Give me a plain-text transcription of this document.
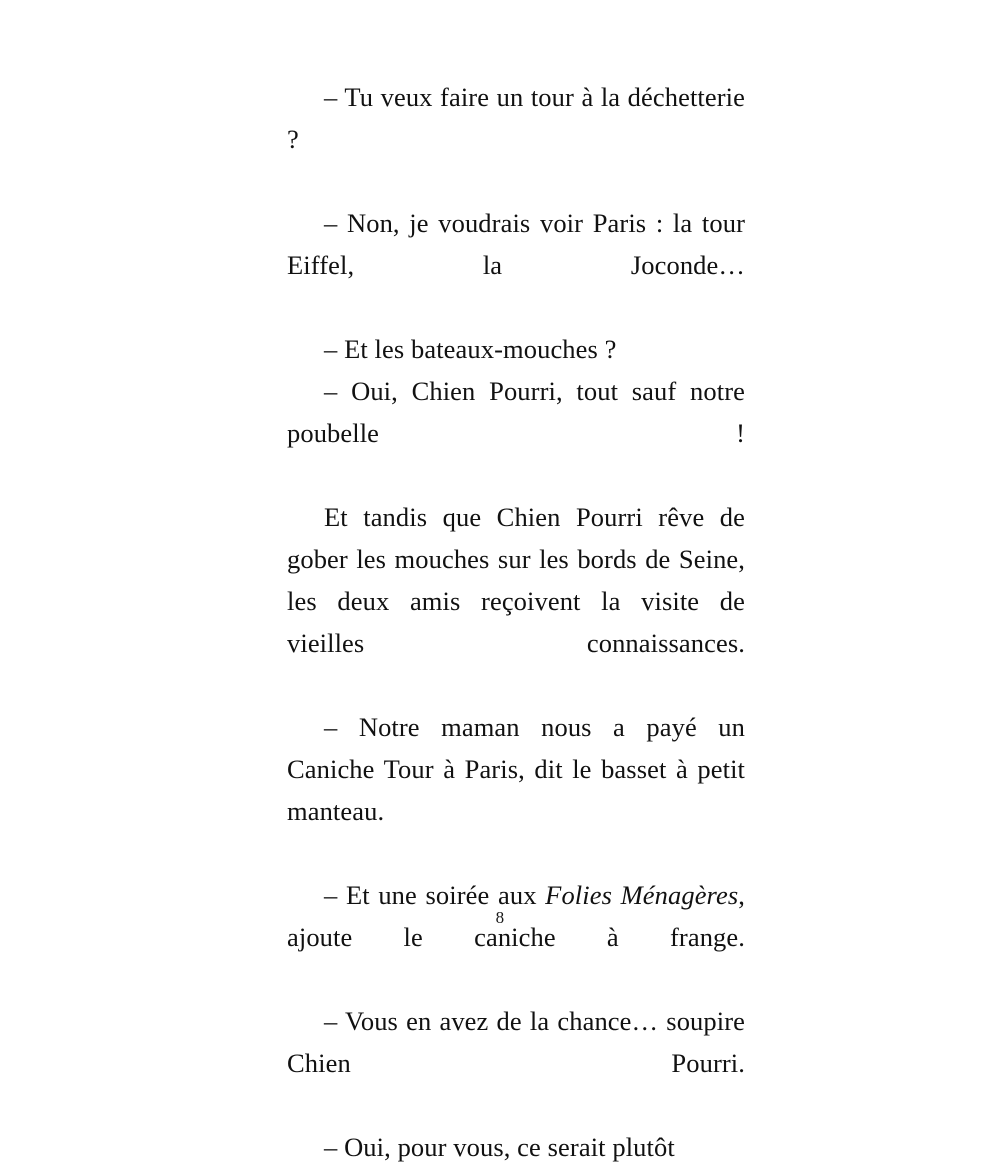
– Tu veux faire un tour à la déchetterie ?

– Non, je voudrais voir Paris : la tour Eiffel, la Joconde…

– Et les bateaux-mouches ?

– Oui, Chien Pourri, tout sauf notre poubelle !

Et tandis que Chien Pourri rêve de gober les mouches sur les bords de Seine, les deux amis reçoivent la visite de vieilles connaissances.

– Notre maman nous a payé un Caniche Tour à Paris, dit le basset à petit manteau.

– Et une soirée aux Folies Ménagères, ajoute le caniche à frange.

– Vous en avez de la chance… soupire Chien Pourri.

– Oui, pour vous, ce serait plutôt

8
